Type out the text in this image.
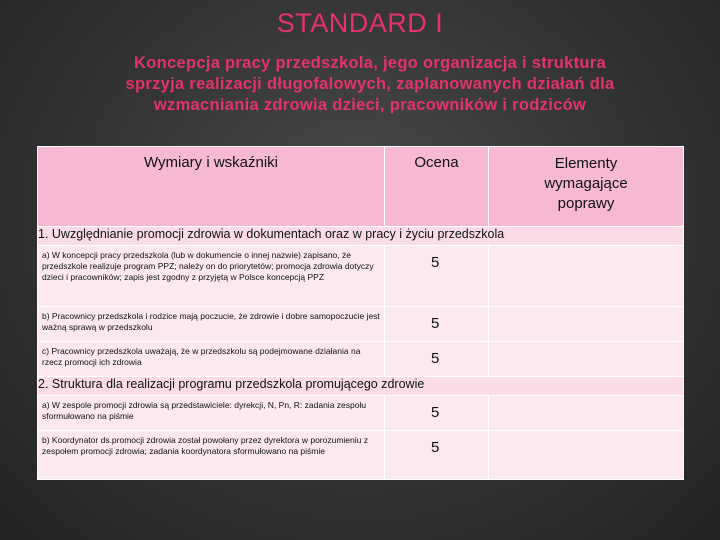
STANDARD I
Koncepcja pracy przedszkola, jego organizacja i struktura
sprzyja realizacji długofalowych, zaplanowanych działań dla
wzmacniania zdrowia dzieci, pracowników i rodziców
Wymiary i wskaźniki	Ocena	Elementy
wymagające
poprawy

1. Uwzględnianie promocji zdrowia w dokumentach oraz w pracy i życiu przedszkola		
a) W koncepcji pracy przedszkola (lub w dokumencie o innej nazwie) zapisano, że przedszkole realizuje program PPZ; należy on do priorytetów; promocja zdrowia dotyczy dzieci i pracowników; zapis jest zgodny z przyjętą w Polsce koncepcją PPZ	5	
b) Pracownicy przedszkola i rodzice mają poczucie, że zdrowie i dobre samopoczucie jest ważną sprawą w przedszkolu	5	
c) Pracownicy przedszkola uważają, że w przedszkolu są podejmowane działania na rzecz promocji ich zdrowia	5	
2. Struktura dla realizacji programu przedszkola promującego zdrowie		
a) W zespole promocji zdrowia są przedstawiciele: dyrekcji, N, Pn, R: zadania zespołu sformułowano na piśmie	5	
b) Koordynator ds.promocji zdrowia został powołany przez dyrektora w porozumieniu z zespołem promocji zdrowia; zadania koordynatora sformułowano na piśmie	5	
